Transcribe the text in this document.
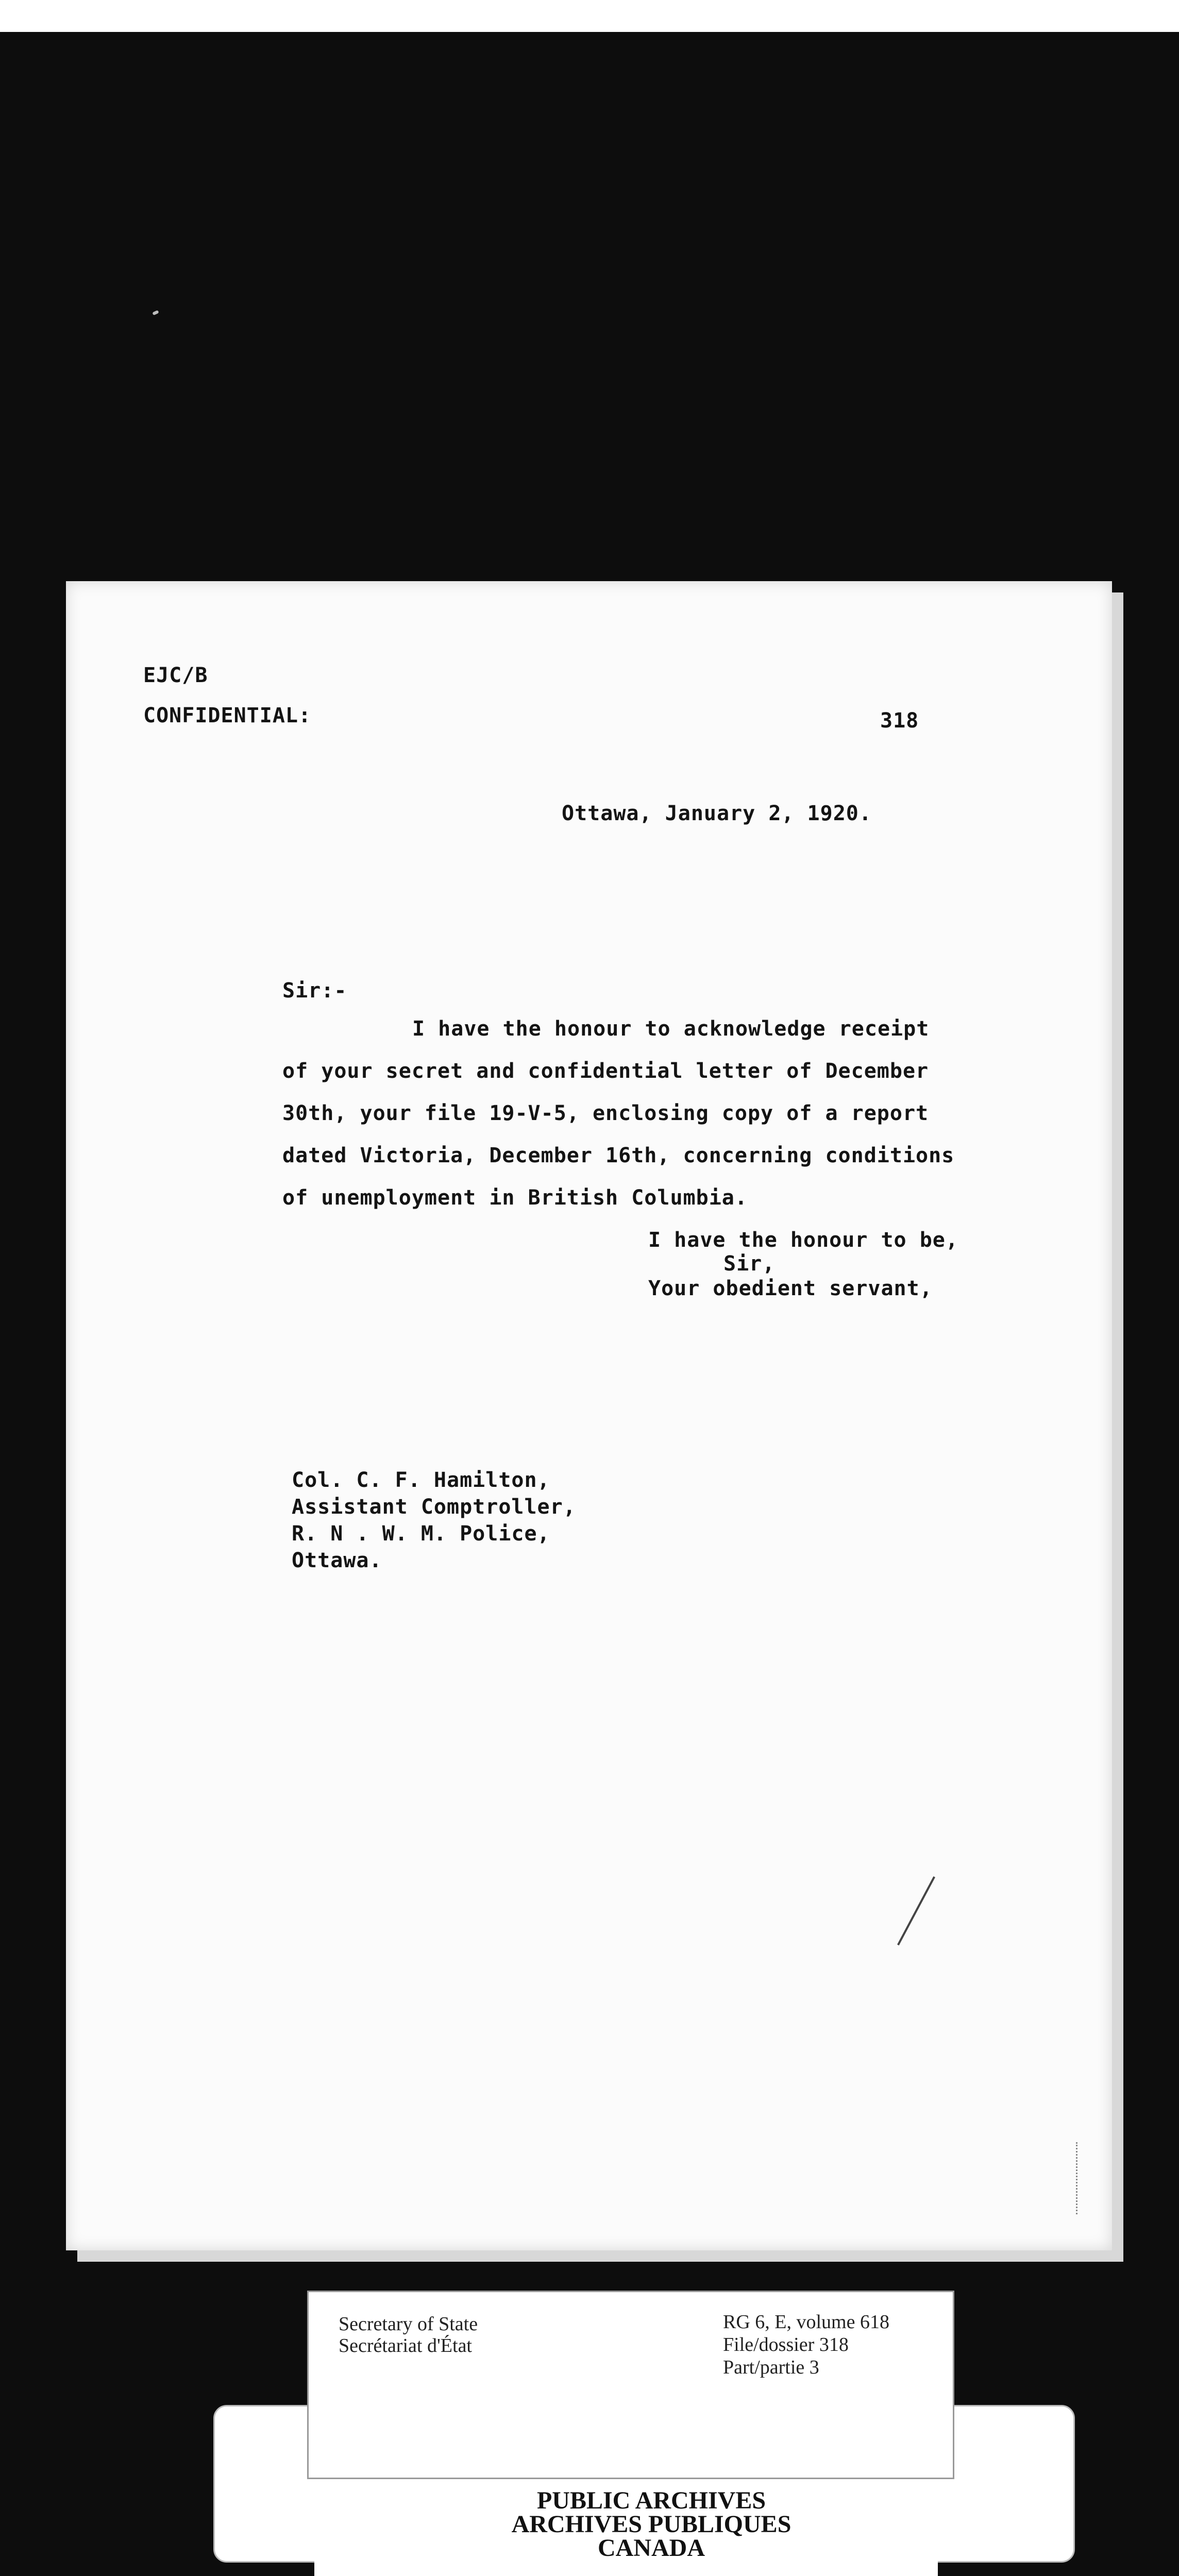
EJC/B
CONFIDENTIAL:	318
Ottawa, January 2, 1920.
Sir:-
I have the honour to acknowledge receipt
of your secret and confidential letter of December
30th, your file 19-V-5, enclosing copy of a report
dated Victoria, December 16th, concerning conditions
of unemployment in British Columbia.
I have the honour to be,
Sir,
Your obedient servant,
Col. C. F. Hamilton,
Assistant Comptroller,
R. N . W. M. Police,
Ottawa.
Secretary of State
Secrétariat d'État
RG 6, E, volume 618
File/dossier 318
Part/partie 3
PUBLIC ARCHIVES
ARCHIVES PUBLIQUES
CANADA
